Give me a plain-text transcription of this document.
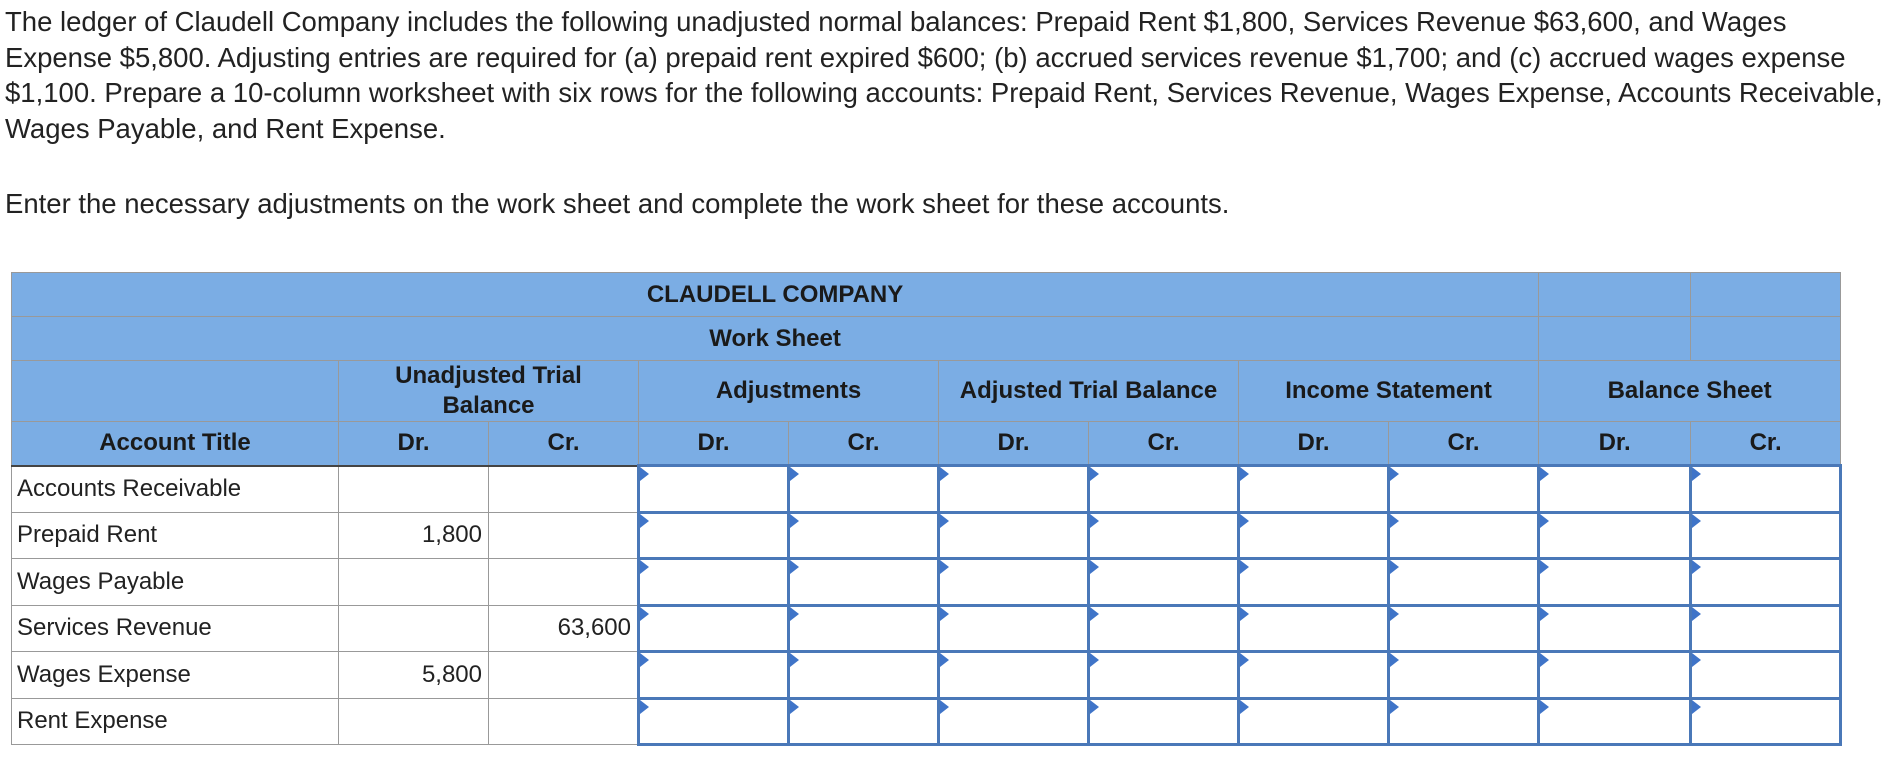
The ledger of Claudell Company includes the following unadjusted normal balances: Prepaid Rent $1,800, Services Revenue $63,600, and Wages Expense $5,800. Adjusting entries are required for (a) prepaid rent expired $600; (b) accrued services revenue $1,700; and (c) accrued wages expense $1,100. Prepare a 10-column worksheet with six rows for the following accounts: Prepaid Rent, Services Revenue, Wages Expense, Accounts Receivable, Wages Payable, and Rent Expense.

Enter the necessary adjustments on the work sheet and complete the work sheet for these accounts.

CLAUDELL COMPANY										
Work Sheet										
	Unadjusted Trial Balance		Adjustments		Adjusted Trial Balance		Income Statement		Balance Sheet	
Account Title	Dr.	Cr.	Dr.	Cr.	Dr.	Cr.	Dr.	Cr.	Dr.	Cr.
Accounts Receivable			

Prepaid Rent	1,800		

Wages Payable			

Services Revenue		63,600	

Wages Expense	5,800		

Rent Expense			
